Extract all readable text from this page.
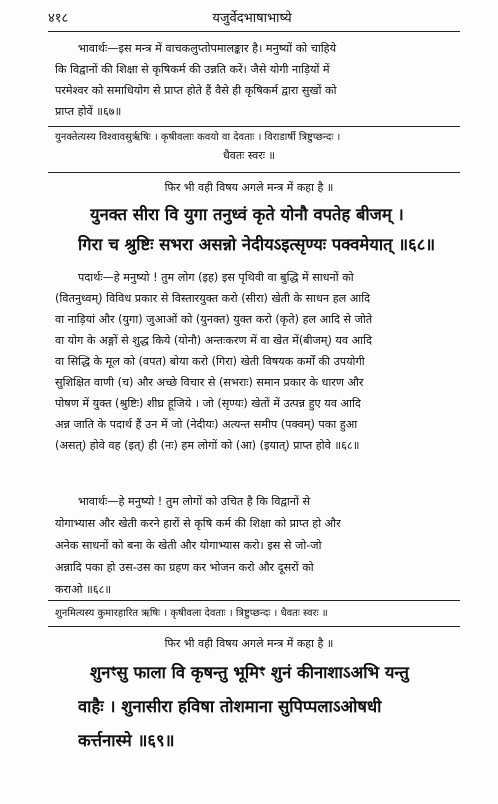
४१८	यजुर्वेदभाषाभाष्ये
भावार्थः—इस मन्त्र में वाचकलुप्तोपमालङ्कार है। मनुष्यों को चाहिये
कि विद्वानों की शिक्षा से कृषिकर्म की उन्नति करें। जैसे योगी नाड़ियों में
परमेश्वर को समाधियोग से प्राप्त होते हैं वैसे ही कृषिकर्म द्वारा सुखों को
प्राप्त होवें ॥६७॥
युनक्तेत्यस्य विश्वावसुर्ऋषिः । कृषीवलाः कवयो वा देवताः । विराडार्षी त्रिष्टुप्छन्दः ।
धैवतः स्वरः ॥
फिर भी वही विषय अगले मन्त्र में कहा है ॥
युनक्त सीरा वि युगा तनुध्वं कृते योनौ वपतेह बीजम् ।
गिरा च श्रुष्टिः सभरा असन्नो नेदीयऽइत्सृण्यः पक्वमेयात् ॥६८॥
पदार्थः—हे मनुष्यो ! तुम लोग (इह) इस पृथिवी वा बुद्धि में साधनों को
(वितनुध्वम्) विविध प्रकार से विस्तारयुक्त करो (सीरा) खेती के साधन हल आदि
वा नाड़ियां और (युगा) जुआओं को (युनक्त) युक्त करो (कृते) हल आदि से जोते
वा योग के अङ्गों से शुद्ध किये (योनौ) अन्तःकरण में वा खेत में(बीजम्) यव आदि
वा सिद्धि के मूल को (वपत) बोया करो (गिरा) खेती विषयक कर्मों की उपयोगी
सुशिक्षित वाणी (च) और अच्छे विचार से (सभराः) समान प्रकार के धारण और
पोषण में युक्त (श्रुष्टिः) शीघ्र हूजिये । जो (सृण्यः) खेतों में उत्पन्न हुए यव आदि
अन्न जाति के पदार्थ हैं उन में जो (नेदीयः) अत्यन्त समीप (पक्वम्) पका हुआ
(असत्) होवे वह (इत्) ही (नः) हम लोगों को (आ) (इयात्) प्राप्त होवे ॥६८॥
भावार्थः—हे मनुष्यो ! तुम लोगों को उचित है कि विद्वानों से
योगाभ्यास और खेती करने हारों से कृषि कर्म की शिक्षा को प्राप्त हो और
अनेक साधनों को बना के खेती और योगाभ्यास करो। इस से जो-जो
अन्नादि पका हो उस-उस का ग्रहण कर भोजन करो और दूसरों को
कराओ ॥६८॥
शुनमित्यस्य कुमारहारित ऋषिः । कृषीवला देवताः । त्रिष्टुप्छन्दः । धैवतः स्वरः ॥
फिर भी वही विषय अगले मन्त्र में कहा है ॥
शुनꣳसु फाला वि कृषन्तु भूमिꣳ शुनं कीनाशाऽअभि यन्तु
वाहैः । शुनासीरा हविषा तोशमाना सुपिप्पलाऽओषधी
कर्त्तनास्मे ॥६९॥
